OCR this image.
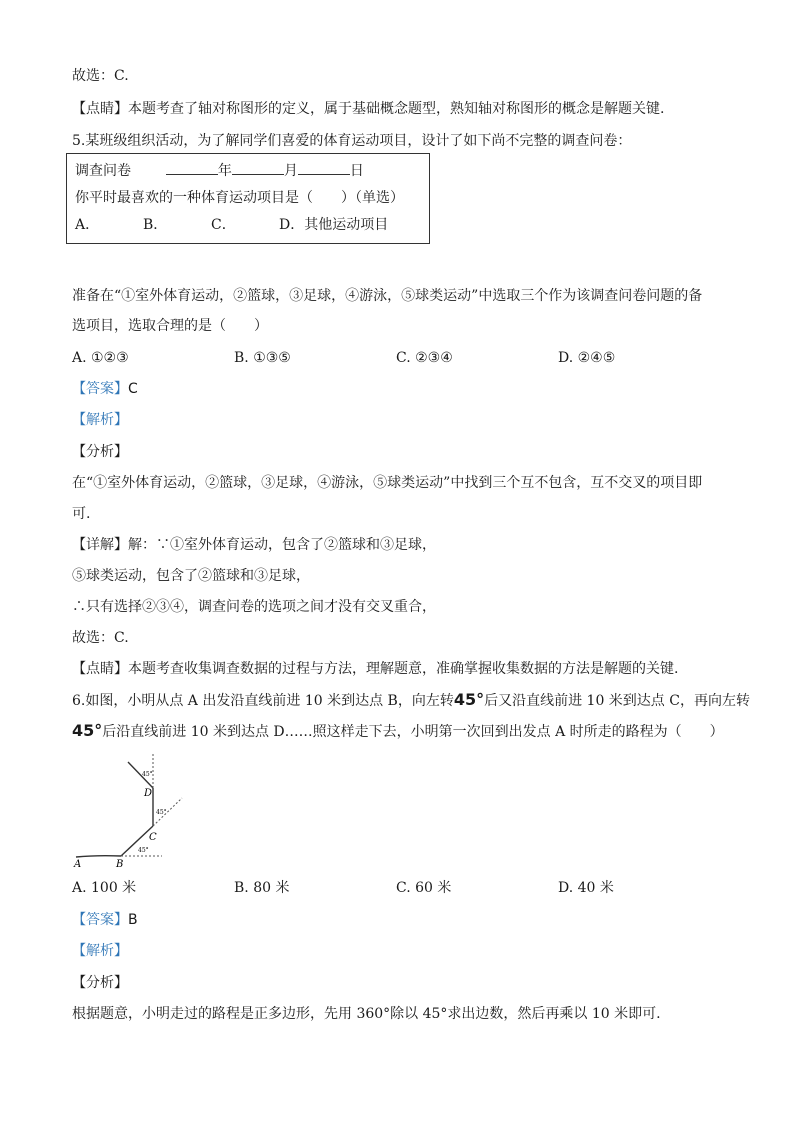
故选：C.
【点睛】本题考查了轴对称图形的定义，属于基础概念题型，熟知轴对称图形的概念是解题关键.
5.某班级组织活动，为了解同学们喜爱的体育运动项目，设计了如下尚不完整的调查问卷：
调查问卷	年	月	日
你平时最喜欢的一种体育运动项目是（　　）（单选）
A．	B．	C．	D．其他运动项目
准备在“①室外体育运动，②篮球，③足球，④游泳，⑤球类运动”中选取三个作为该调查问卷问题的备
选项目，选取合理的是（　　）
A. ①②③	B. ①③⑤	C. ②③④	D. ②④⑤
【答案】C
【解析】
【分析】
在“①室外体育运动，②篮球，③足球，④游泳，⑤球类运动”中找到三个互不包含，互不交叉的项目即
可.
【详解】解：∵①室外体育运动，包含了②篮球和③足球，
⑤球类运动，包含了②篮球和③足球，
∴只有选择②③④，调查问卷的选项之间才没有交叉重合，
故选：C.
【点睛】本题考查收集调查数据的过程与方法，理解题意，准确掌握收集数据的方法是解题的关键.
6.如图，小明从点 A 出发沿直线前进 10 米到达点 B，向左转45°后又沿直线前进 10 米到达点 C，再向左转
45°后沿直线前进 10 米到达点 D……照这样走下去，小明第一次回到出发点 A 时所走的路程为（　　）
A	B
C
D
45°
45°
45°
A. 100 米	B. 80 米	C. 60 米	D. 40 米
【答案】B
【解析】
【分析】
根据题意，小明走过的路程是正多边形，先用 360°除以 45°求出边数，然后再乘以 10 米即可.
